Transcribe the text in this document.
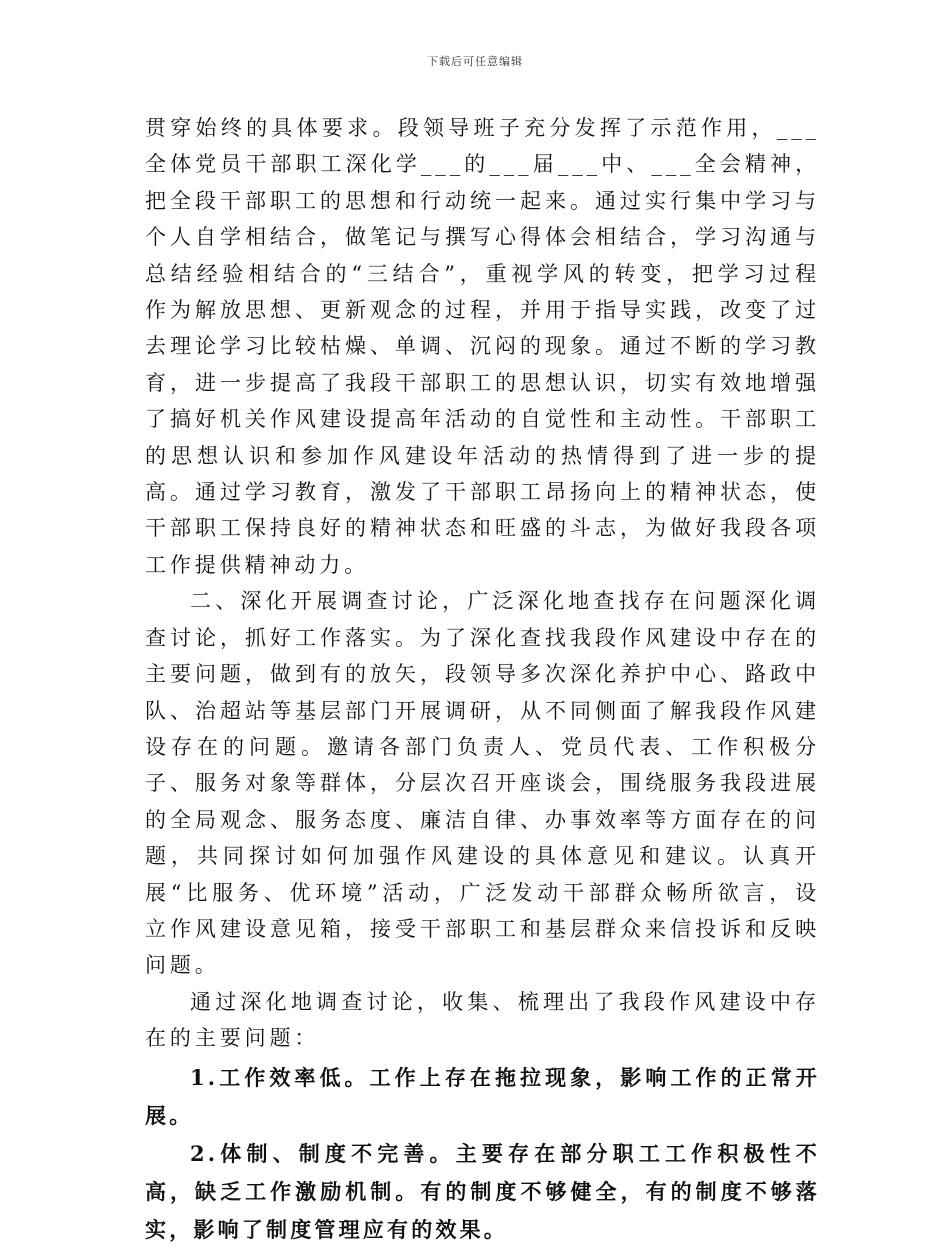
下载后可任意编辑

贯穿始终的具体要求。段领导班子充分发挥了示范作用，___全体党员干部职工深化学___的___届___中、___全会精神，把全段干部职工的思想和行动统一起来。通过实行集中学习与个人自学相结合，做笔记与撰写心得体会相结合，学习沟通与总结经验相结合的“三结合”，重视学风的转变，把学习过程作为解放思想、更新观念的过程，并用于指导实践，改变了过去理论学习比较枯燥、单调、沉闷的现象。通过不断的学习教育，进一步提高了我段干部职工的思想认识，切实有效地增强了搞好机关作风建设提高年活动的自觉性和主动性。干部职工的思想认识和参加作风建设年活动的热情得到了进一步的提高。通过学习教育，激发了干部职工昂扬向上的精神状态，使干部职工保持良好的精神状态和旺盛的斗志，为做好我段各项工作提供精神动力。

二、深化开展调查讨论，广泛深化地查找存在问题深化调查讨论，抓好工作落实。为了深化查找我段作风建设中存在的主要问题，做到有的放矢，段领导多次深化养护中心、路政中队、治超站等基层部门开展调研，从不同侧面了解我段作风建设存在的问题。邀请各部门负责人、党员代表、工作积极分子、服务对象等群体，分层次召开座谈会，围绕服务我段进展的全局观念、服务态度、廉洁自律、办事效率等方面存在的问题，共同探讨如何加强作风建设的具体意见和建议。认真开展“比服务、优环境”活动，广泛发动干部群众畅所欲言，设立作风建设意见箱，接受干部职工和基层群众来信投诉和反映问题。

通过深化地调查讨论，收集、梳理出了我段作风建设中存在的主要问题：

1.工作效率低。工作上存在拖拉现象，影响工作的正常开展。

2.体制、制度不完善。主要存在部分职工工作积极性不高，缺乏工作激励机制。有的制度不够健全，有的制度不够落实，影响了制度管理应有的效果。
